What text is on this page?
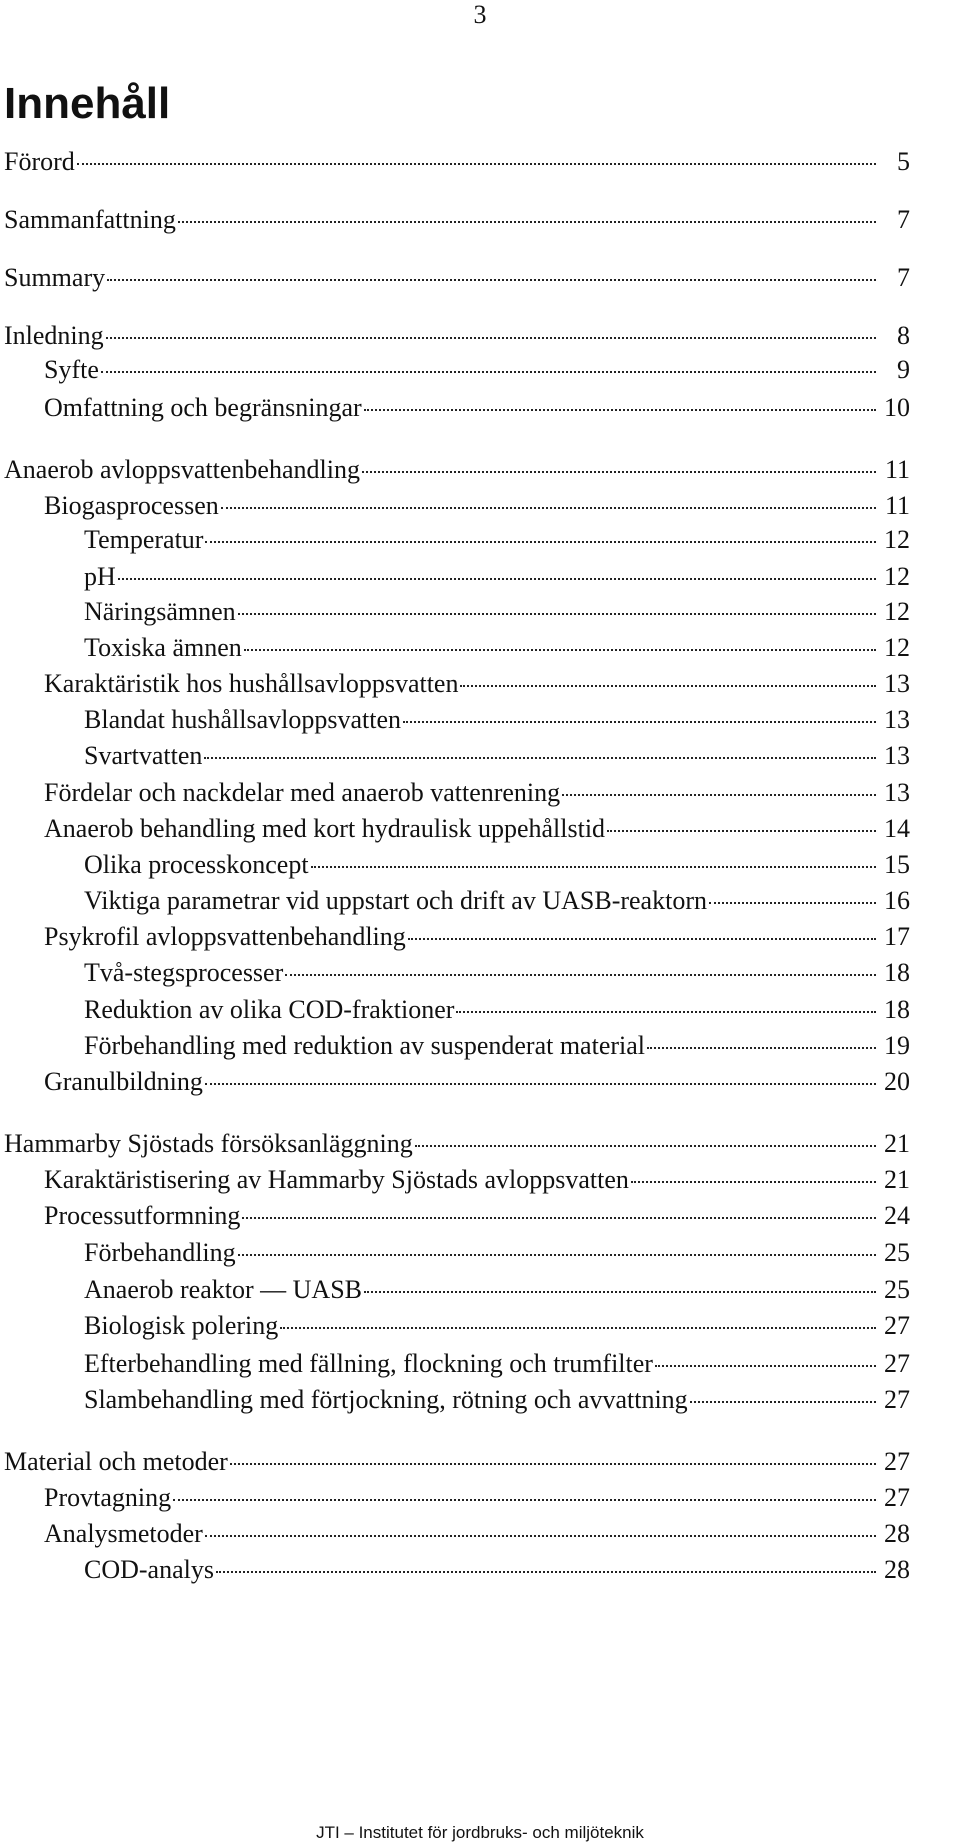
3
Innehåll
Förord	5
Sammanfattning	7
Summary	7
Inledning	8
Syfte	9
Omfattning och begränsningar	10
Anaerob avloppsvattenbehandling	11
Biogasprocessen	11
Temperatur	12
pH	12
Näringsämnen	12
Toxiska ämnen	12
Karaktäristik hos hushållsavloppsvatten	13
Blandat hushållsavloppsvatten	13
Svartvatten	13
Fördelar och nackdelar med anaerob vattenrening	13
Anaerob behandling med kort hydraulisk uppehållstid	14
Olika processkoncept	15
Viktiga parametrar vid uppstart och drift av UASB-reaktorn	16
Psykrofil avloppsvattenbehandling	17
Två-stegsprocesser	18
Reduktion av olika COD-fraktioner	18
Förbehandling med reduktion av suspenderat material	19
Granulbildning	20
Hammarby Sjöstads försöksanläggning	21
Karaktäristisering av Hammarby Sjöstads avloppsvatten	21
Processutformning	24
Förbehandling	25
Anaerob reaktor — UASB	25
Biologisk polering	27
Efterbehandling med fällning, flockning och trumfilter	27
Slambehandling med förtjockning, rötning och avvattning	27
Material och metoder	27
Provtagning	27
Analysmetoder	28
COD-analys	28
JTI – Institutet för jordbruks- och miljöteknik
